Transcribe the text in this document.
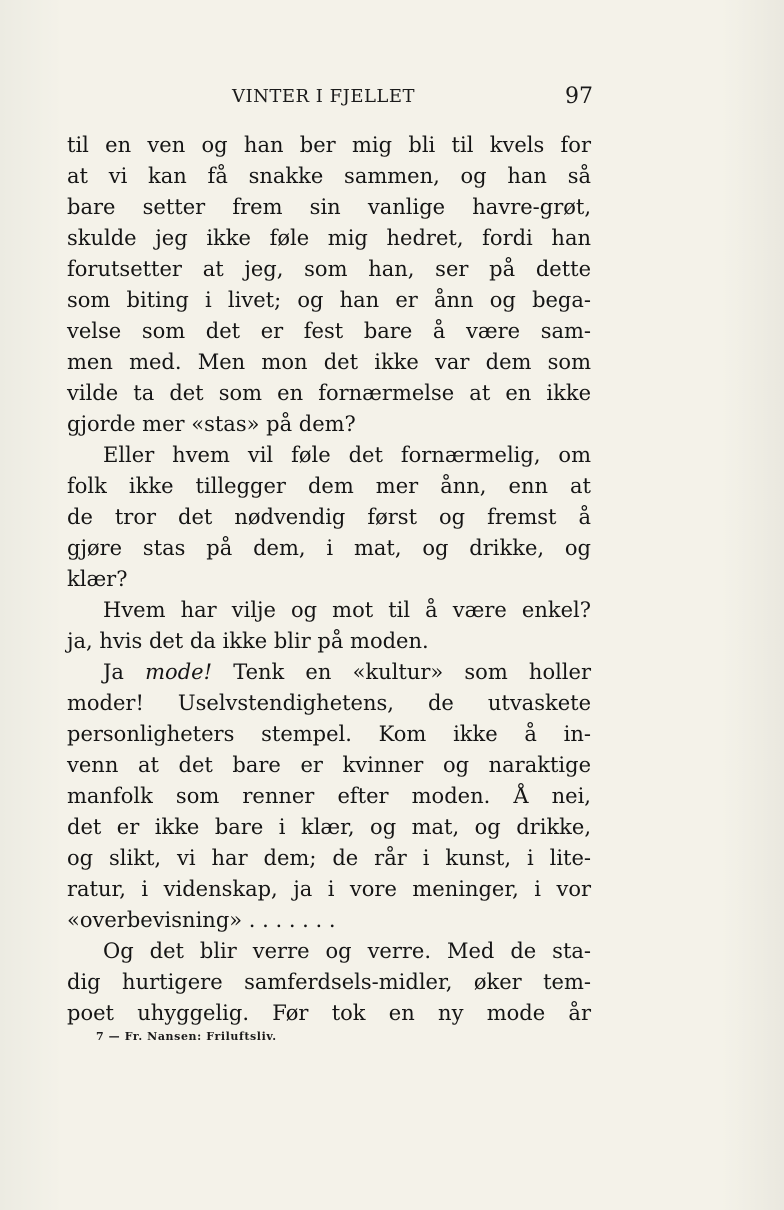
VINTER I FJELLET	97
til en ven og han ber mig bli til kvels for
at vi kan få snakke sammen, og han så
bare setter frem sin vanlige havre-grøt,
skulde jeg ikke føle mig hedret, fordi han
forutsetter at jeg, som han, ser på dette
som biting i livet; og han er ånn og bega-
velse som det er fest bare å være sam-
men med. Men mon det ikke var dem som
vilde ta det som en fornærmelse at en ikke
gjorde mer «stas» på dem?
Eller hvem vil føle det fornærmelig, om
folk ikke tillegger dem mer ånn, enn at
de tror det nødvendig først og fremst å
gjøre stas på dem, i mat, og drikke, og
klær?
Hvem har vilje og mot til å være enkel?
ja, hvis det da ikke blir på moden.
Ja mode! Tenk en «kultur» som holler
moder! Uselvstendighetens, de utvaskete
personligheters stempel. Kom ikke å in-
venn at det bare er kvinner og naraktige
manfolk som renner efter moden. Å nei,
det er ikke bare i klær, og mat, og drikke,
og slikt, vi har dem; de rår i kunst, i lite-
ratur, i videnskap, ja i vore meninger, i vor
«overbevisning» . . . . . . .
Og det blir verre og verre. Med de sta-
dig hurtigere samferdsels-midler, øker tem-
poet uhyggelig. Før tok en ny mode år
7 — Fr. Nansen: Friluftsliv.
